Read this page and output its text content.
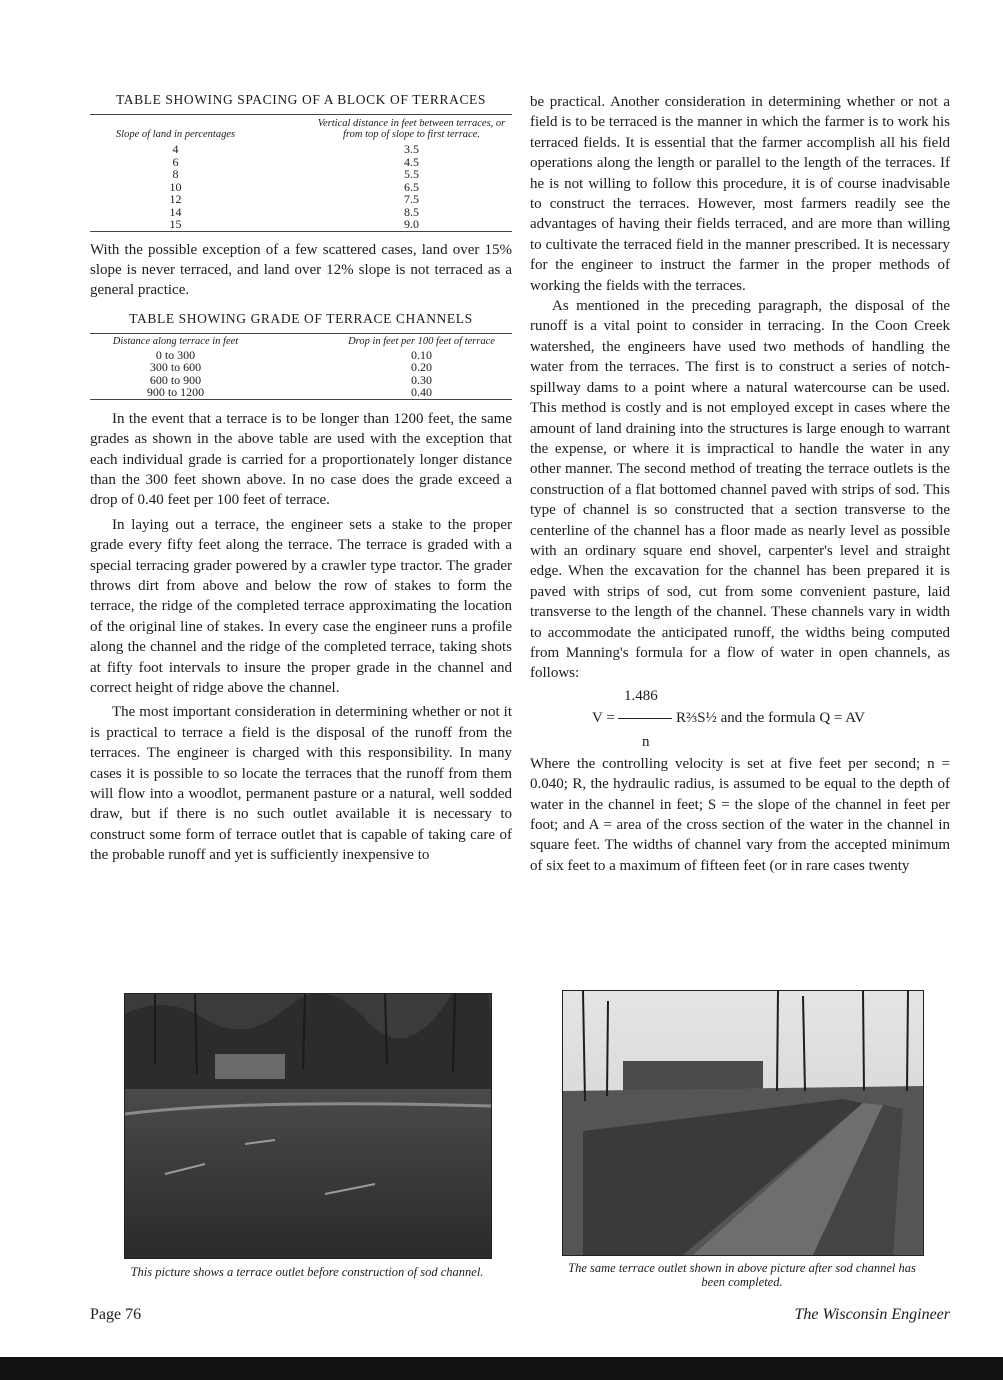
TABLE SHOWING SPACING OF A BLOCK OF TERRACES
Slope of land in percentages	Vertical distance in feet between terraces, or from top of slope to first terrace.
4	3.5
6	4.5
8	5.5
10	6.5
12	7.5
14	8.5
15	9.0

With the possible exception of a few scattered cases, land over 15% slope is never terraced, and land over 12% slope is not terraced as a general practice.

TABLE SHOWING GRADE OF TERRACE CHANNELS
Distance along terrace in feet	Drop in feet per 100 feet of terrace
0 to 300	0.10
300 to 600	0.20
600 to 900	0.30
900 to 1200	0.40

In the event that a terrace is to be longer than 1200 feet, the same grades as shown in the above table are used with the exception that each individual grade is carried for a proportionately longer distance than the 300 feet shown above. In no case does the grade exceed a drop of 0.40 feet per 100 feet of terrace.

In laying out a terrace, the engineer sets a stake to the proper grade every fifty feet along the terrace. The terrace is graded with a special terracing grader powered by a crawler type tractor. The grader throws dirt from above and below the row of stakes to form the terrace, the ridge of the completed terrace approximating the location of the original line of stakes. In every case the engineer runs a profile along the channel and the ridge of the completed terrace, taking shots at fifty foot intervals to insure the proper grade in the channel and correct height of ridge above the channel.

The most important consideration in determining whether or not it is practical to terrace a field is the disposal of the runoff from the terraces. The engineer is charged with this responsibility. In many cases it is possible to so locate the terraces that the runoff from them will flow into a woodlot, permanent pasture or a natural, well sodded draw, but if there is no such outlet available it is necessary to construct some form of terrace outlet that is capable of taking care of the probable runoff and yet is sufficiently inexpensive to

be practical. Another consideration in determining whether or not a field is to be terraced is the manner in which the farmer is to work his terraced fields. It is essential that the farmer accomplish all his field operations along the length or parallel to the length of the terraces. If he is not willing to follow this procedure, it is of course inadvisable to construct the terraces. However, most farmers readily see the advantages of having their fields terraced, and are more than willing to cultivate the terraced field in the manner prescribed. It is necessary for the engineer to instruct the farmer in the proper methods of working the fields with the terraces.

As mentioned in the preceding paragraph, the disposal of the runoff is a vital point to consider in terracing. In the Coon Creek watershed, the engineers have used two methods of handling the water from the terraces. The first is to construct a series of notch-spillway dams to a point where a natural watercourse can be used. This method is costly and is not employed except in cases where the amount of land draining into the structures is large enough to warrant the expense, or where it is impractical to handle the water in any other manner. The second method of treating the terrace outlets is the construction of a flat bottomed channel paved with strips of sod. This type of channel is so constructed that a section transverse to the centerline of the channel has a floor made as nearly level as possible with an ordinary square end shovel, carpenter's level and straight edge. When the excavation for the channel has been prepared it is paved with strips of sod, cut from some convenient pasture, laid transverse to the length of the channel. These channels vary in width to accommodate the anticipated runoff, the widths being computed from Manning's formula for a flow of water in open channels, as follows:

V =
1.486
n
R⅔S½ and the formula Q = AV

Where the controlling velocity is set at five feet per second; n = 0.040; R, the hydraulic radius, is assumed to be equal to the depth of water in the channel in feet; S = the slope of the channel in feet per foot; and A = area of the cross section of the water in the channel in square feet. The widths of channel vary from the accepted minimum of six feet to a maximum of fifteen feet (or in rare cases twenty

This picture shows a terrace outlet before construction of sod channel.	The same terrace outlet shown in above picture after sod channel has been completed.
Page 76	The Wisconsin Engineer
